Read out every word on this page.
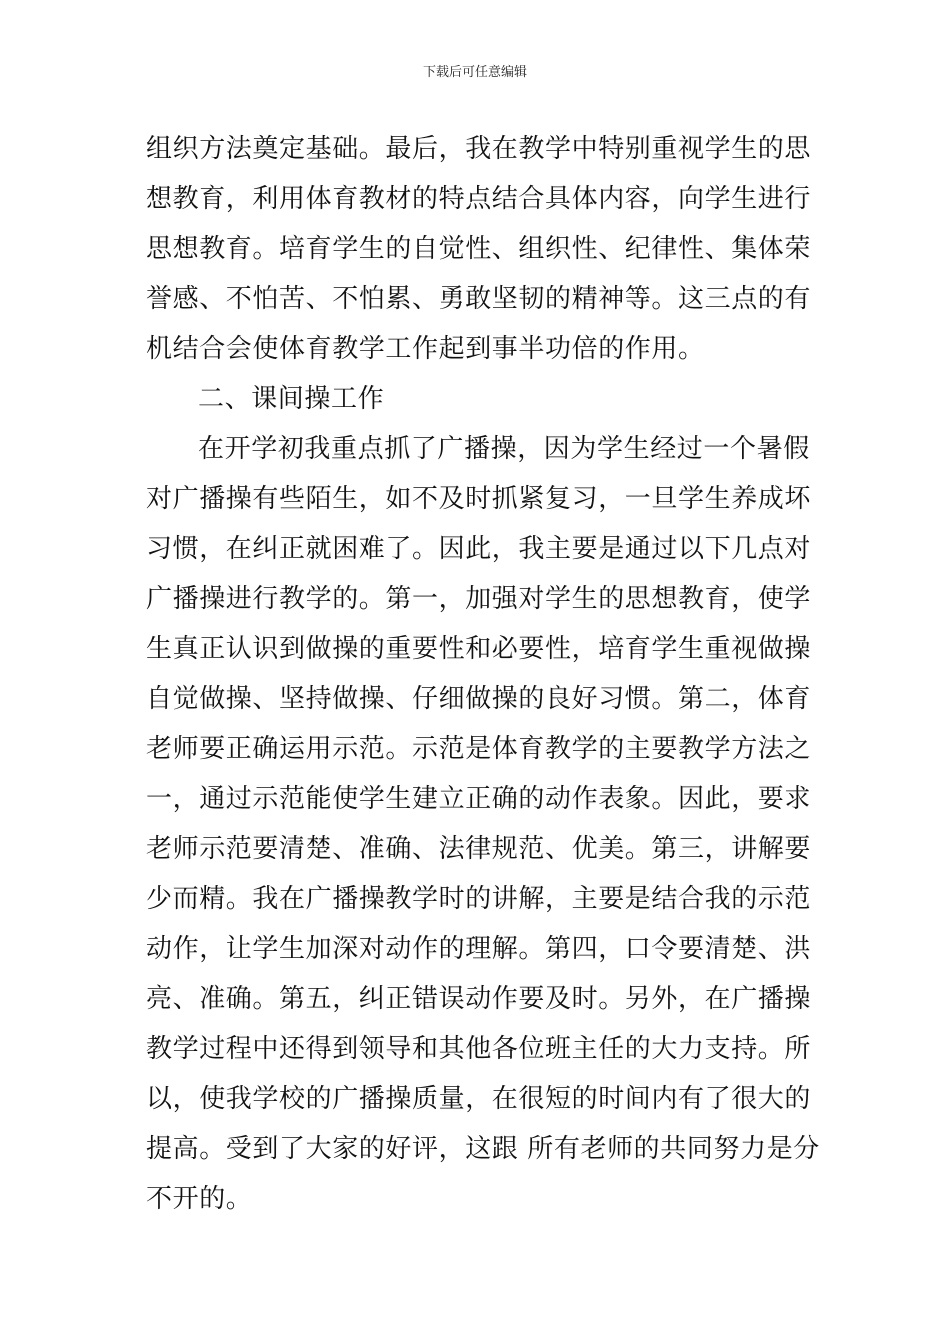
下载后可任意编辑
组织方法奠定基础。最后，我在教学中特别重视学生的思
想教育，利用体育教材的特点结合具体内容，向学生进行
思想教育。培育学生的自觉性、组织性、纪律性、集体荣
誉感、不怕苦、不怕累、勇敢坚韧的精神等。这三点的有
机结合会使体育教学工作起到事半功倍的作用。
二、课间操工作
在开学初我重点抓了广播操，因为学生经过一个暑假
对广播操有些陌生，如不及时抓紧复习，一旦学生养成坏
习惯，在纠正就困难了。因此，我主要是通过以下几点对
广播操进行教学的。第一，加强对学生的思想教育，使学
生真正认识到做操的重要性和必要性，培育学生重视做操
自觉做操、坚持做操、仔细做操的良好习惯。第二，体育
老师要正确运用示范。示范是体育教学的主要教学方法之
一，通过示范能使学生建立正确的动作表象。因此，要求
老师示范要清楚、准确、法律规范、优美。第三，讲解要
少而精。我在广播操教学时的讲解，主要是结合我的示范
动作，让学生加深对动作的理解。第四，口令要清楚、洪
亮、准确。第五，纠正错误动作要及时。另外，在广播操
教学过程中还得到领导和其他各位班主任的大力支持。所
以，使我学校的广播操质量，在很短的时间内有了很大的
提高。受到了大家的好评，这跟 所有老师的共同努力是分
不开的。
